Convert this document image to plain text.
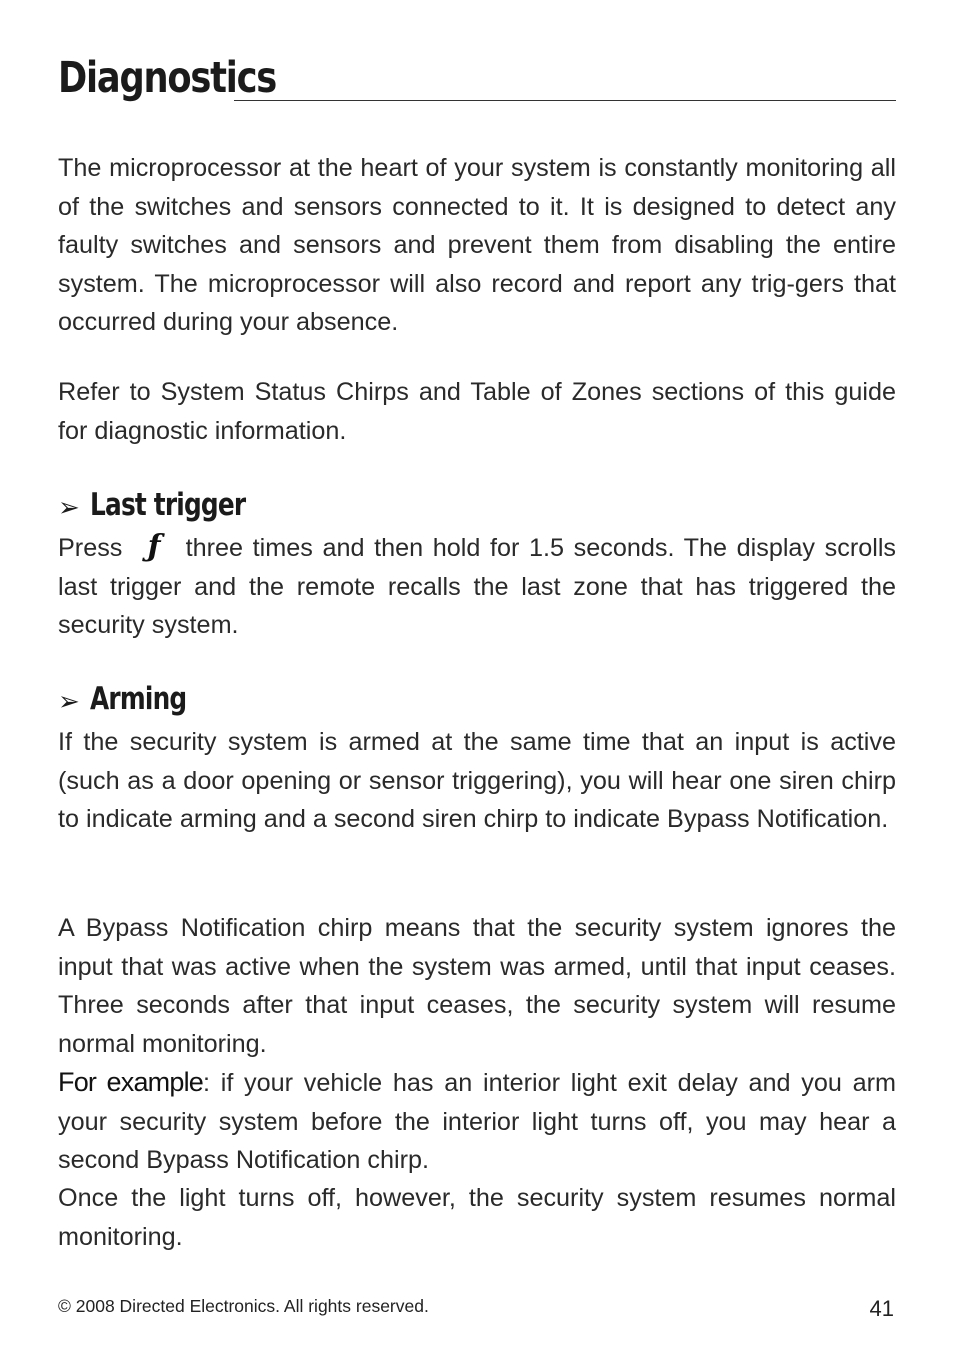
Diagnostics

The microprocessor at the heart of your system is constantly monitoring all of the switches and sensors connected to it. It is designed to detect any faulty switches and sensors and prevent them from disabling the entire system. The microprocessor will also record and report any trig-gers that occurred during your absence.

Refer to System Status Chirps and Table of Zones sections of this guide for diagnostic information.

➢ Last trigger

Press ƒ three times and then hold for 1.5 seconds. The display scrolls last trigger and the remote recalls the last zone that has triggered the security system.

➢ Arming

If the security system is armed at the same time that an input is active (such as a door opening or sensor triggering), you will hear one siren chirp to indicate arming and a second siren chirp to indicate Bypass Notification.

A Bypass Notification chirp means that the security system ignores the input that was active when the system was armed, until that input ceases. Three seconds after that input ceases, the security system will resume normal monitoring.

For example: if your vehicle has an interior light exit delay and you arm your security system before the interior light turns off, you may hear a second Bypass Notification chirp.

Once the light turns off, however, the security system resumes normal monitoring.

© 2008 Directed Electronics. All rights reserved.	41
